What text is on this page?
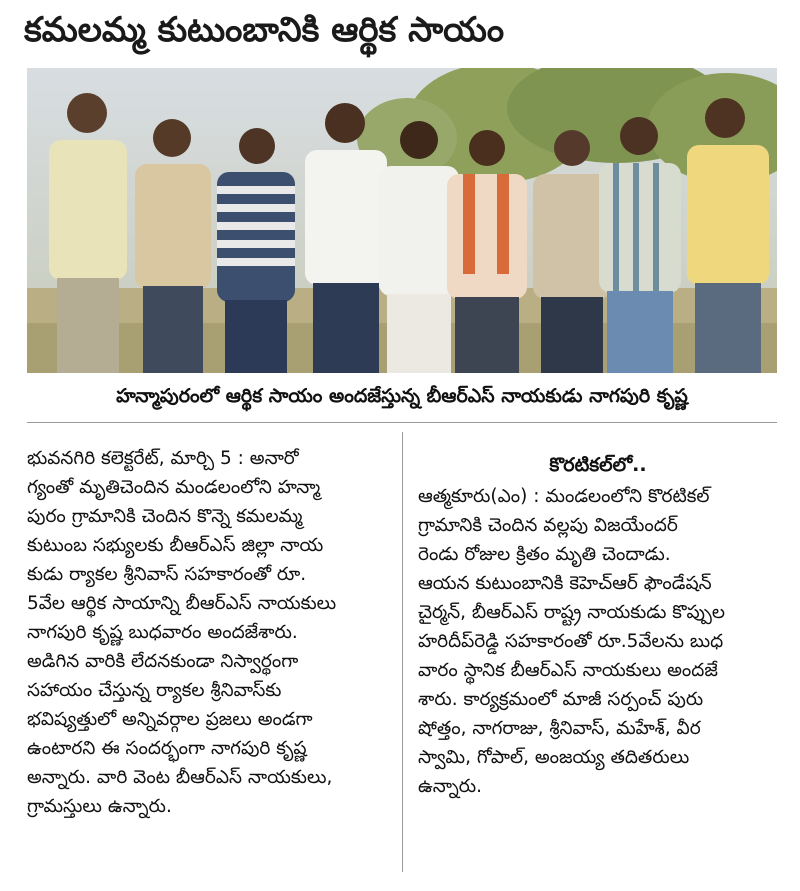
కమలమ్మ కుటుంబానికి ఆర్థిక సాయం
హన్మాపురంలో ఆర్థిక సాయం అందజేస్తున్న బీఆర్ఎస్ నాయకుడు నాగపురి కృష్ణ
భువనగిరి కలెక్టరేట్, మార్చి 5 : అనారో
గ్యంతో మృతిచెందిన మండలంలోని హన్మా
పురం గ్రామానికి చెందిన కొన్నె కమలమ్మ
కుటుంబ సభ్యులకు బీఆర్ఎస్ జిల్లా నాయ
కుడు ర్యాకల శ్రీనివాస్ సహకారంతో రూ.
5వేల ఆర్థిక సాయాన్ని బీఆర్ఎస్ నాయకులు
నాగపురి కృష్ణ బుధవారం అందజేశారు.
అడిగిన వారికి లేదనకుండా నిస్వార్థంగా
సహాయం చేస్తున్న ర్యాకల శ్రీనివాస్‌కు
భవిష్యత్తులో అన్నివర్గాల ప్రజలు అండగా
ఉంటారని ఈ సందర్భంగా నాగపురి కృష్ణ
అన్నారు. వారి వెంట బీఆర్ఎస్ నాయకులు,
గ్రామస్తులు ఉన్నారు.
కొరటికల్‌లో..
ఆత్మకూరు(ఎం) : మండలంలోని కొరటికల్
గ్రామానికి చెందిన వల్లపు విజయేందర్
రెండు రోజుల క్రితం మృతి చెందాడు.
ఆయన కుటుంబానికి కెహెచ్ఆర్ ఫౌండేషన్
చైర్మన్, బీఆర్ఎస్ రాష్ట్ర నాయకుడు కొప్పుల
హరిదీప్‌రెడ్డి సహకారంతో రూ.5వేలను బుధ
వారం స్థానిక బీఆర్ఎస్ నాయకులు అందజే
శారు. కార్యక్రమంలో మాజీ సర్పంచ్ పురు
షోత్తం, నాగరాజు, శ్రీనివాస్, మహేశ్, వీర
స్వామి, గోపాల్, అంజయ్య తదితరులు
ఉన్నారు.
